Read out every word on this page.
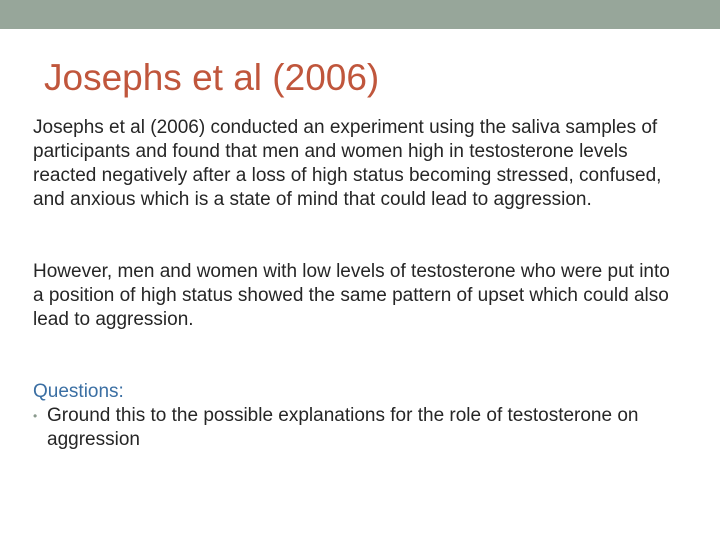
Josephs et al (2006)

Josephs et al (2006) conducted an experiment using the saliva samples of participants and found that men and women high in testosterone levels reacted negatively after a loss of high status becoming stressed, confused, and anxious which is a state of mind that could lead to aggression.

However, men and women with low levels of testosterone who were put into a position of high status showed the same pattern of upset which could also lead to aggression.

Questions:
• Ground this to the possible explanations for the role of testosterone on aggression
